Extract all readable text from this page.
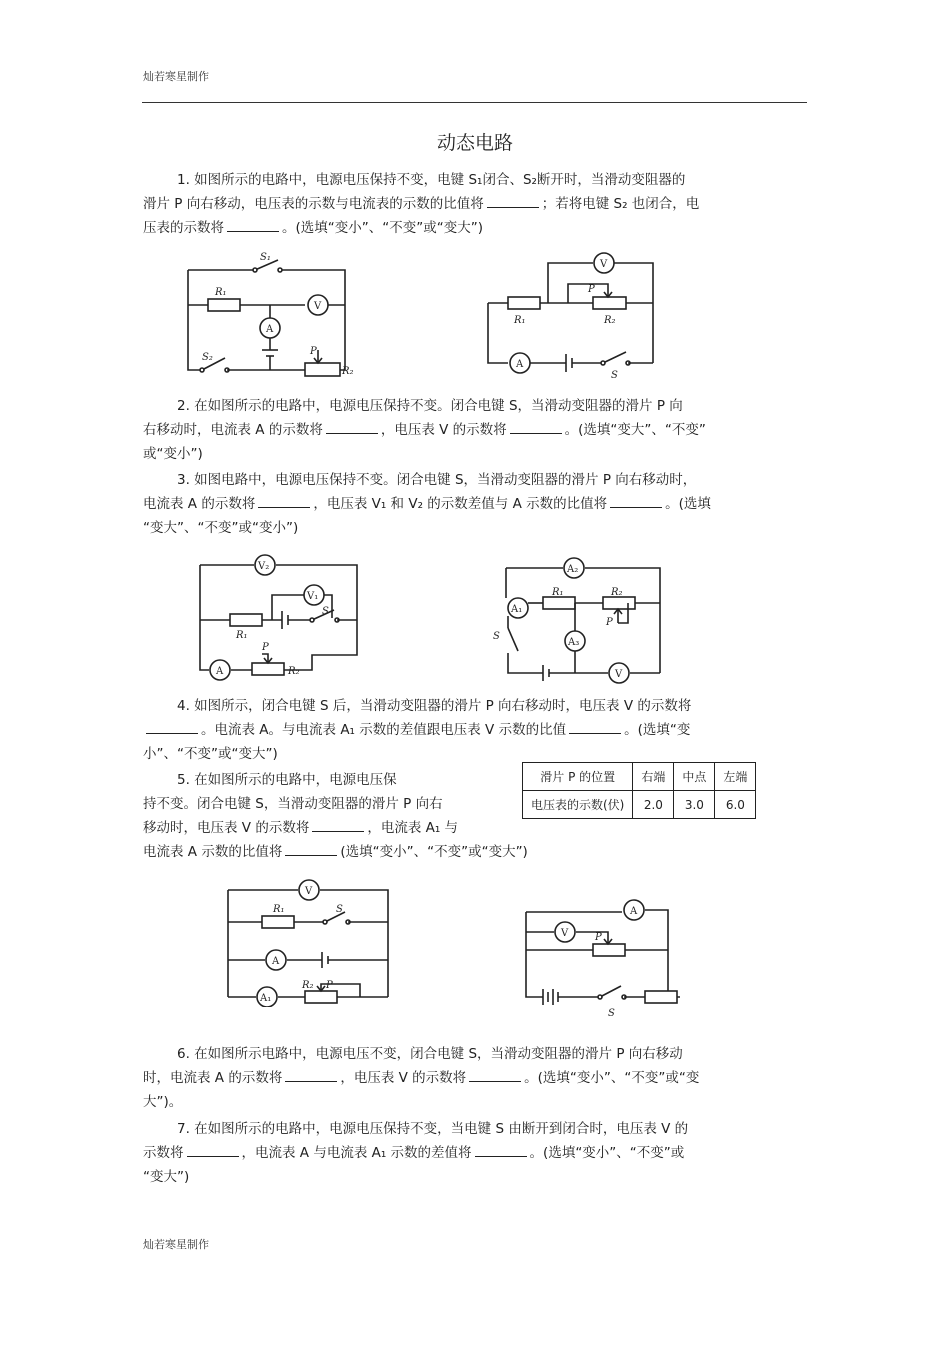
灿若寒星制作
动态电路
1. 如图所示的电路中，电源电压保持不变，电键 S₁闭合、S₂断开时，当滑动变阻器的
滑片 P 向右移动，电压表的示数与电流表的示数的比值将	；若将电键 S₂ 也闭合，电
压表的示数将	。(选填“变小”、“不变”或“变大”)
S₁
S₂
R₁
R₂
P
V
A
P
R₁	R₂
S
V
A
2. 在如图所示的电路中，电源电压保持不变。闭合电键 S，当滑动变阻器的滑片 P 向
右移动时，电流表 A 的示数将	，电压表 V 的示数将	。(选填“变大”、“不变”
或“变小”)
3. 如图电路中，电源电压保持不变。闭合电键 S，当滑动变阻器的滑片 P 向右移动时，
电流表 A 的示数将	，电压表 V₁ 和 V₂ 的示数差值与 A 示数的比值将	。(选填
“变大”、“不变”或“变小”)
R₁
R₂
P
S
V₂
V₁
A
R₁	R₂
P
S
A₂
A₁
A₃
V
4. 如图所示，闭合电键 S 后，当滑动变阻器的滑片 P 向右移动时，电压表 V 的示数将
。电流表 A。与电流表 A₁ 示数的差值跟电压表 V 示数的比值	。(选填“变
小”、“不变”或“变大”)
5. 在如图所示的电路中，电源电压保
持不变。闭合电键 S，当滑动变阻器的滑片 P 向右
移动时，电压表 V 的示数将	，电流表 A₁ 与
电流表 A 示数的比值将	(选填“变小”、“不变”或“变大”)
滑片 P 的位置	右端	中点	左端
电压表的示数(伏)	2.0	3.0	6.0
R₁	S
R₂ P
V
A
A₁
P
S
A
V
6. 在如图所示电路中，电源电压不变，闭合电键 S，当滑动变阻器的滑片 P 向右移动
时，电流表 A 的示数将	，电压表 V 的示数将	。(选填“变小”、“不变”或“变
大”)。
7. 在如图所示的电路中，电源电压保持不变，当电键 S 由断开到闭合时，电压表 V 的
示数将	，电流表 A 与电流表 A₁ 示数的差值将	。(选填“变小”、“不变”或
“变大”)
灿若寒星制作
